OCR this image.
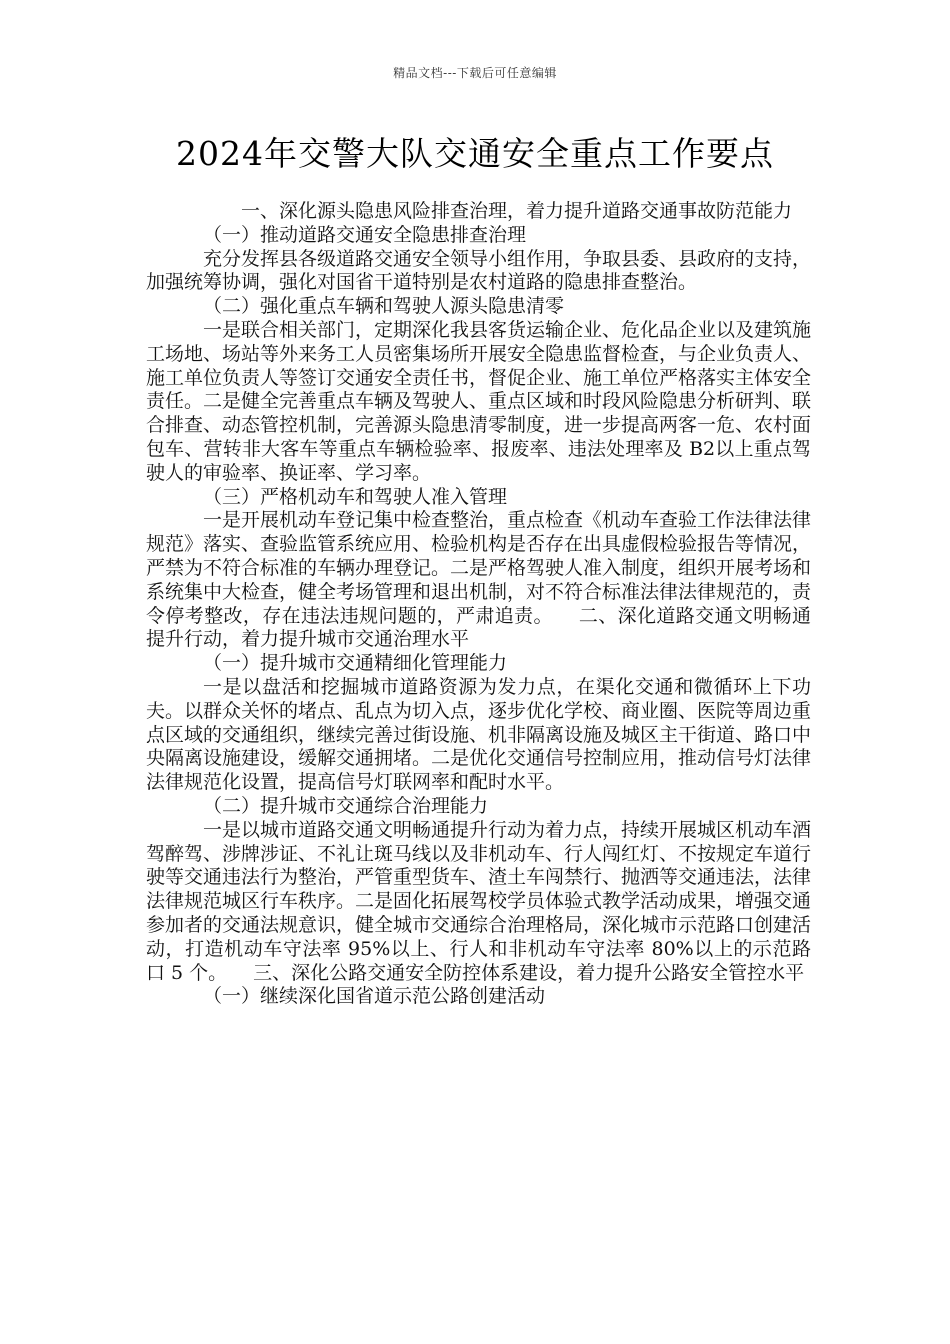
精品文档---下载后可任意编辑
2024年交警大队交通安全重点工作要点

一、深化源头隐患风险排查治理，着力提升道路交通事故防范能力

（一）推动道路交通安全隐患排查治理

充分发挥县各级道路交通安全领导小组作用，争取县委、县政府的支持，加强统筹协调，强化对国省干道特别是农村道路的隐患排查整治。

（二）强化重点车辆和驾驶人源头隐患清零

一是联合相关部门，定期深化我县客货运输企业、危化品企业以及建筑施工场地、场站等外来务工人员密集场所开展安全隐患监督检查，与企业负责人、施工单位负责人等签订交通安全责任书，督促企业、施工单位严格落实主体安全责任。二是健全完善重点车辆及驾驶人、重点区域和时段风险隐患分析研判、联合排查、动态管控机制，完善源头隐患清零制度，进一步提高两客一危、农村面包车、营转非大客车等重点车辆检验率、报废率、违法处理率及 B2以上重点驾驶人的审验率、换证率、学习率。

（三）严格机动车和驾驶人准入管理

一是开展机动车登记集中检查整治，重点检查《机动车查验工作法律法律规范》落实、查验监管系统应用、检验机构是否存在出具虚假检验报告等情况，严禁为不符合标准的车辆办理登记。二是严格驾驶人准入制度，组织开展考场和系统集中大检查，健全考场管理和退出机制，对不符合标准法律法律规范的，责令停考整改，存在违法违规问题的，严肃追责。 二、深化道路交通文明畅通提升行动，着力提升城市交通治理水平

（一）提升城市交通精细化管理能力

一是以盘活和挖掘城市道路资源为发力点，在渠化交通和微循环上下功夫。以群众关怀的堵点、乱点为切入点，逐步优化学校、商业圈、医院等周边重点区域的交通组织，继续完善过街设施、机非隔离设施及城区主干街道、路口中央隔离设施建设，缓解交通拥堵。二是优化交通信号控制应用，推动信号灯法律法律规范化设置，提高信号灯联网率和配时水平。

（二）提升城市交通综合治理能力

一是以城市道路交通文明畅通提升行动为着力点，持续开展城区机动车酒驾醉驾、涉牌涉证、不礼让斑马线以及非机动车、行人闯红灯、不按规定车道行驶等交通违法行为整治，严管重型货车、渣土车闯禁行、抛洒等交通违法，法律法律规范城区行车秩序。二是固化拓展驾校学员体验式教学活动成果，增强交通参加者的交通法规意识，健全城市交通综合治理格局，深化城市示范路口创建活动，打造机动车守法率 95%以上、行人和非机动车守法率 80%以上的示范路口 5 个。 三、深化公路交通安全防控体系建设，着力提升公路安全管控水平

（一）继续深化国省道示范公路创建活动
